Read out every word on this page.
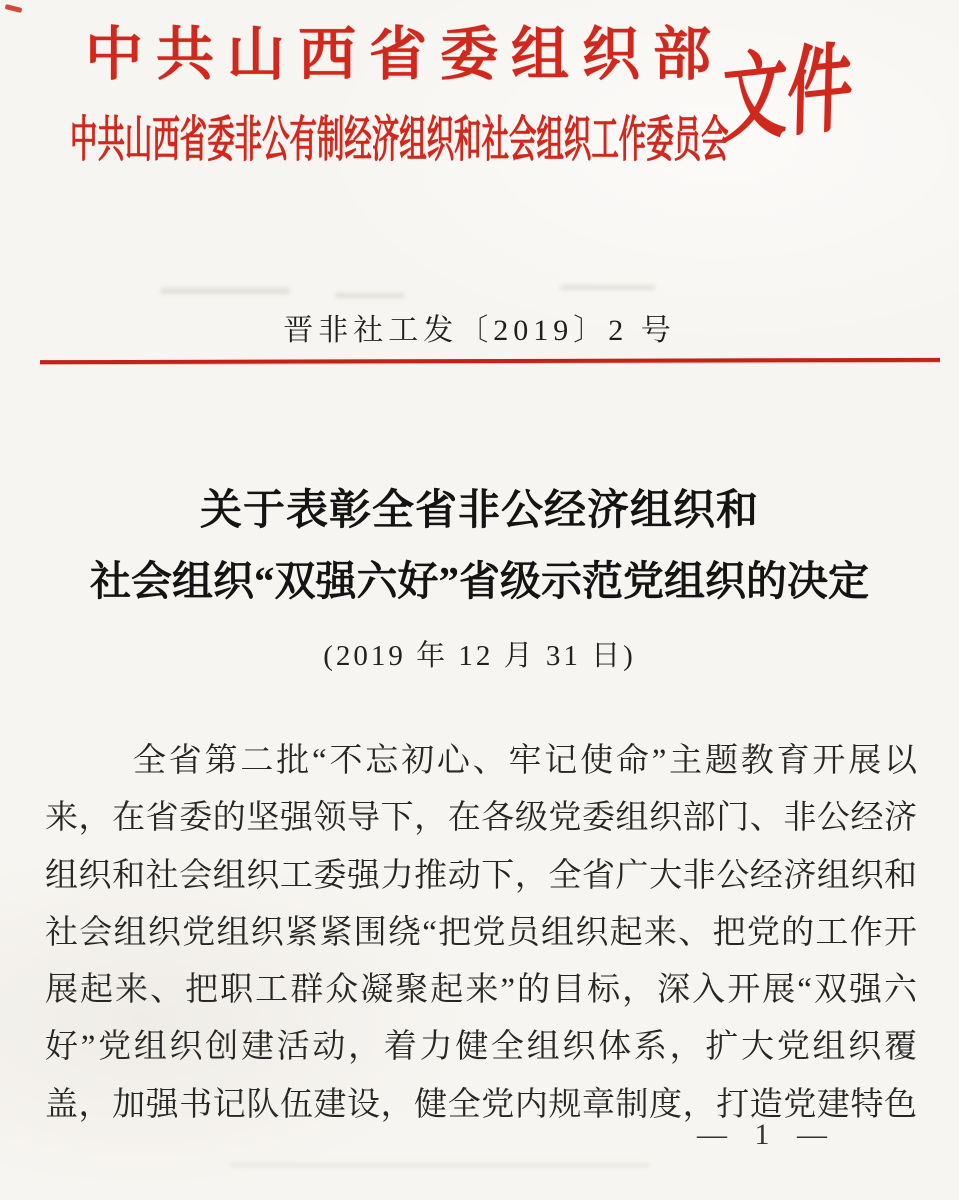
中共山西省委组织部
中共山西省委非公有制经济组织和社会组织工作委员会
文件
晋非社工发〔2019〕2 号
关于表彰全省非公经济组织和
社会组织“双强六好”省级示范党组织的决定
(2019 年 12 月 31 日)
全省第二批“不忘初心、牢记使命”主题教育开展以
来，在省委的坚强领导下，在各级党委组织部门、非公经济
组织和社会组织工委强力推动下，全省广大非公经济组织和
社会组织党组织紧紧围绕“把党员组织起来、把党的工作开
展起来、把职工群众凝聚起来”的目标，深入开展“双强六
好”党组织创建活动，着力健全组织体系，扩大党组织覆
盖，加强书记队伍建设，健全党内规章制度，打造党建特色
— 1 —
